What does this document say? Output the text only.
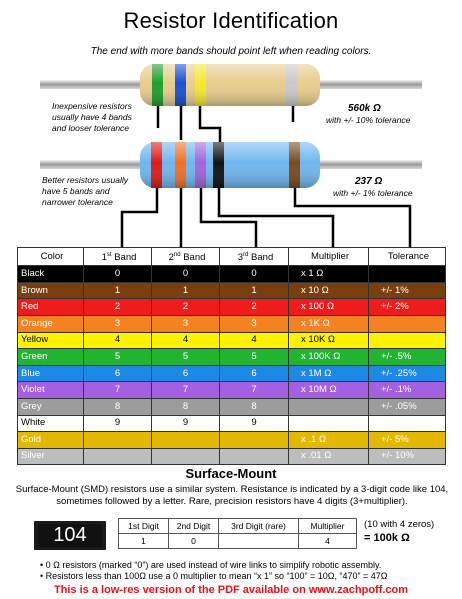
Resistor Identification
The end with more bands should point left when reading colors.
Inexpensive resistors
usually have 4 bands
and looser tolerance
560k Ω
with +/- 10% tolerance
Better resistors usually
have 5 bands and
narrower tolerance
237 Ω
with +/- 1% tolerance
Color	1st Band	2nd Band	3rd Band	Multiplier	Tolerance
Black	0	0	0	x 1 Ω	
Brown	1	1	1	x 10 Ω	+/- 1%
Red	2	2	2	x 100 Ω	+/- 2%
Orange	3	3	3	x 1K Ω	
Yellow	4	4	4	x 10K Ω	
Green	5	5	5	x 100K Ω	+/- .5%
Blue	6	6	6	x 1M Ω	+/- .25%
Violet	7	7	7	x 10M Ω	+/- .1%
Grey	8	8	8		+/- .05%
White	9	9	9		
Gold				x .1 Ω	+/- 5%
Silver				x .01 Ω	+/- 10%
Surface-Mount
Surface-Mount (SMD) resistors use a similar system. Resistance is indicated by a 3-digit code like 104, sometimes followed by a letter. Rare, precision resistors have 4 digits (3+multiplier).
104	1st Digit	2nd Digit	3rd Digit (rare)	Multiplier
1	0		4
(10 with 4 zeros)
= 100k Ω
• 0 Ω resistors (marked “0”) are used instead of wire links to simplify robotic assembly.
• Resistors less than 100Ω use a 0 multiplier to mean “x 1” so “100” = 10Ω, “470” = 47Ω
This is a low-res version of the PDF available on www.zachpoff.com
